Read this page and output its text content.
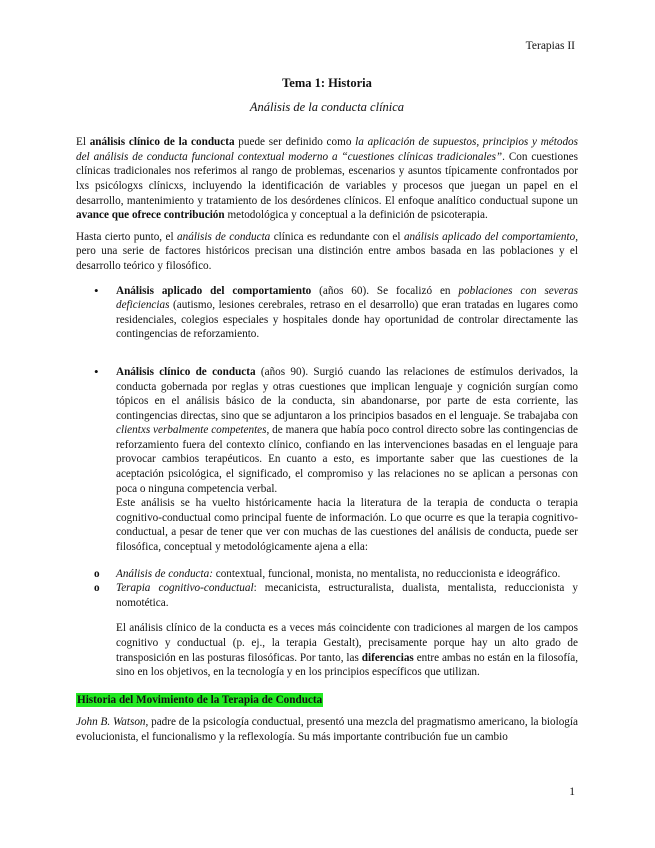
Terapias II
Tema 1: Historia
Análisis de la conducta clínica

El análisis clínico de la conducta puede ser definido como la aplicación de supuestos, principios y métodos del análisis de conducta funcional contextual moderno a “cuestiones clínicas tradicionales”. Con cuestiones clínicas tradicionales nos referimos al rango de problemas, escenarios y asuntos típicamente confrontados por lxs psicólogxs clínicxs, incluyendo la identificación de variables y procesos que juegan un papel en el desarrollo, mantenimiento y tratamiento de los desórdenes clínicos. El enfoque analítico conductual supone un avance que ofrece contribución metodológica y conceptual a la definición de psicoterapia.

Hasta cierto punto, el análisis de conducta clínica es redundante con el análisis aplicado del comportamiento, pero una serie de factores históricos precisan una distinción entre ambos basada en las poblaciones y el desarrollo teórico y filosófico.

• Análisis aplicado del comportamiento (años 60). Se focalizó en poblaciones con severas deficiencias (autismo, lesiones cerebrales, retraso en el desarrollo) que eran tratadas en lugares como residenciales, colegios especiales y hospitales donde hay oportunidad de controlar directamente las contingencias de reforzamiento.

• Análisis clínico de conducta (años 90). Surgió cuando las relaciones de estímulos derivados, la conducta gobernada por reglas y otras cuestiones que implican lenguaje y cognición surgían como tópicos en el análisis básico de la conducta, sin abandonarse, por parte de esta corriente, las contingencias directas, sino que se adjuntaron a los principios basados en el lenguaje. Se trabajaba con clientxs verbalmente competentes, de manera que había poco control directo sobre las contingencias de reforzamiento fuera del contexto clínico, confiando en las intervenciones basadas en el lenguaje para provocar cambios terapéuticos. En cuanto a esto, es importante saber que las cuestiones de la aceptación psicológica, el significado, el compromiso y las relaciones no se aplican a personas con poca o ninguna competencia verbal.

Este análisis se ha vuelto históricamente hacia la literatura de la terapia de conducta o terapia cognitivo-conductual como principal fuente de información. Lo que ocurre es que la terapia cognitivo-conductual, a pesar de tener que ver con muchas de las cuestiones del análisis de conducta, puede ser filosófica, conceptual y metodológicamente ajena a ella:

o Análisis de conducta: contextual, funcional, monista, no mentalista, no reduccionista e ideográfico.
o Terapia cognitivo-conductual: mecanicista, estructuralista, dualista, mentalista, reduccionista y nomotética.

El análisis clínico de la conducta es a veces más coincidente con tradiciones al margen de los campos cognitivo y conductual (p. ej., la terapia Gestalt), precisamente porque hay un alto grado de transposición en las posturas filosóficas. Por tanto, las diferencias entre ambas no están en la filosofía, sino en los objetivos, en la tecnología y en los principios específicos que utilizan.

Historia del Movimiento de la Terapia de Conducta

John B. Watson, padre de la psicología conductual, presentó una mezcla del pragmatismo americano, la biología evolucionista, el funcionalismo y la reflexología. Su más importante contribución fue un cambio

1
